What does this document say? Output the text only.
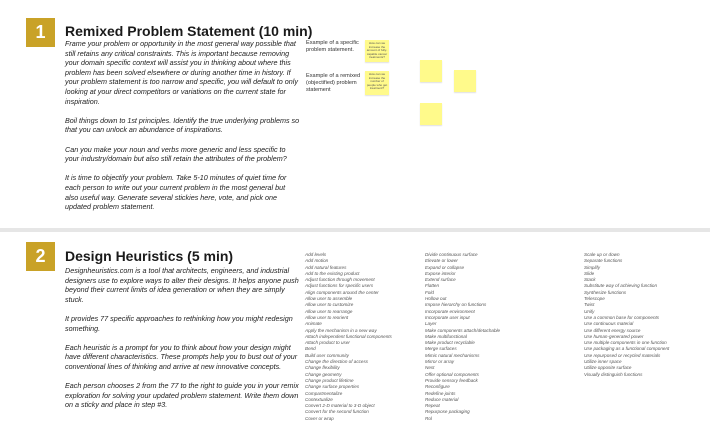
1	Remixed Problem Statement (10 min)

Frame your problem or opportunity in the most general way possible that still retains any critical constraints. This is important because removing your domain specific context will assist you in thinking about where this problem has been solved elsewhere or during another time in history. If your problem statement is too narrow and specific, you will default to only looking at your direct competitors or variations on the current state for inspiration.

Boil things down to 1st principles. Identify the true underlying problems so that you can unlock an abundance of inspirations.

Can you make your noun and verbs more generic and less specific to your industry/domain but also still retain the attributes of the problem?

It is time to objectify your problem. Take 5-10 minutes of quiet time for each person to write out your current problem in the most general but also useful way. Generate several stickies here, vote, and pick one updated problem statement.

Example of a specific problem statement.
How can we increase the amount of fully-capable cancer treatments?
Example of a remixed (objectified) problem statement
How can we increase the number of people who get treatment?
2	Design Heuristics (5 min)

Designheuristics.com is a tool that architects, engineers, and industrial designers use to explore ways to alter their designs. It helps anyone push beyond their current limits of idea generation or when they are simply stuck.

It provides 77 specific approaches to rethinking how you might redesign something.

Each heuristic is a prompt for you to think about how your design might have different characteristics. These prompts help you to bust out of your conventional lines of thinking and arrive at new innovative concepts.

Each person chooses 2 from the 77 to the right to guide you in your remix exploration for solving your updated problem statement. Write them down on a sticky and place in step #3.

Add levels
Add motion
Add natural features
Add to the existing product
Adjust function through movement
Adjust functions for specific users
Align components around the center
Allow user to assemble
Allow user to customize
Allow user to rearrange
Allow user to reorient
Animate
Apply the mechanism in a new way
Attach independent functional components
Attach product to user
Bend
Build user community
Change the direction of access
Change flexibility
Change geometry
Change product lifetime
Change surface properties
Compartmentalize
Contextualize
Convert 2-D material to 3-D object
Convert for the second function
Cover or wrap
Divide continuous surface
Elevate or lower
Expand or collapse
Expose interior
Extend surface
Flatten
Fold
Hollow out
Impose hierarchy on functions
Incorporate environment
Incorporate user input
Layer
Make components attach/detachable
Make multifunctional
Make product recyclable
Merge surfaces
Mimic natural mechanisms
Mirror or array
Nest
Offer optional components
Provide sensory feedback
Reconfigure
Redefine joints
Reduce material
Repeat
Repurpose packaging
Rol
Scale up or down
Separate functions
Simplify
Slide
Stack
Substitute way of achieving function
Synthesize functions
Telescope
Twist
Unify
Use a common base for components
Use continuous material
Use different energy source
Use human-generated power
Use multiple components in one function
Use packaging as a functional component
Use repurposed or recycled materials
Utilize inner space
Utilize opposite surface
Visually distinguish functions
